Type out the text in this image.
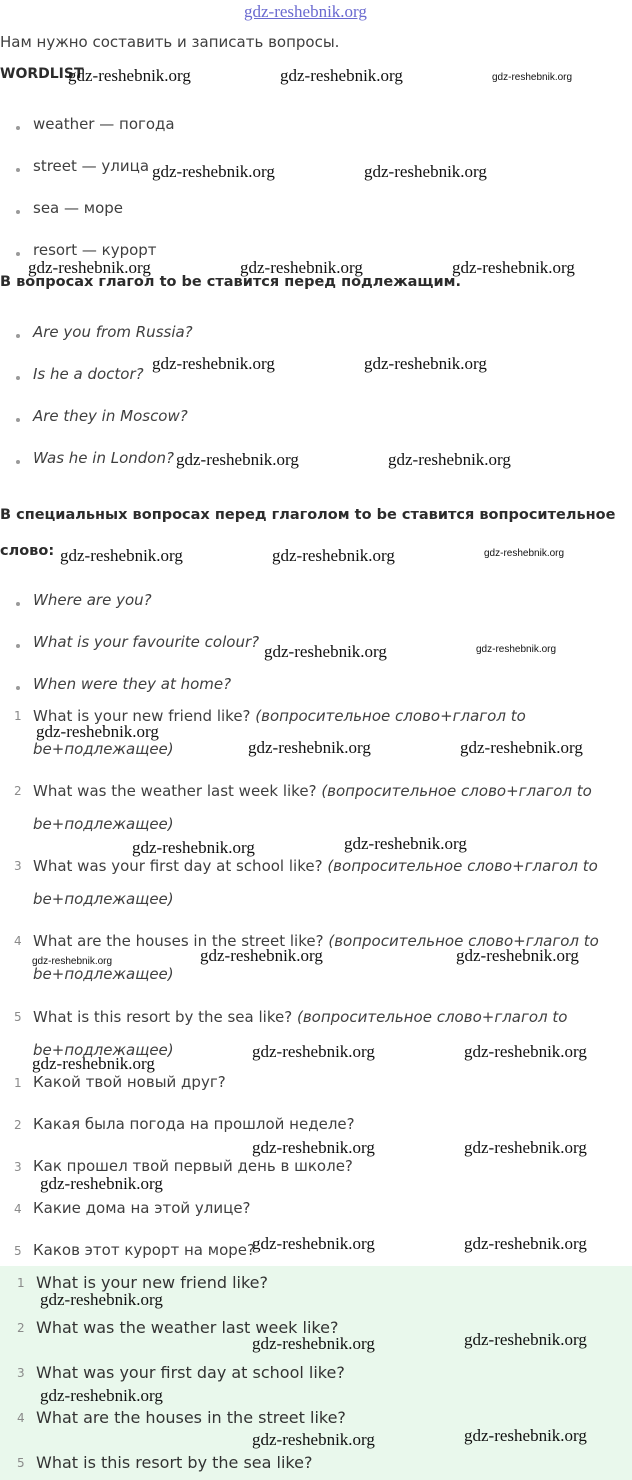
gdz-reshebnik.org
Нам нужно составить и записать вопросы.
WORDLIST
weather — погода
street — улица
sea — море
resort — курорт
В вопросах глагол to be ставится перед подлежащим.
Are you from Russia?
Is he a doctor?
Are they in Moscow?
Was he in London?
В специальных вопросах перед глаголом to be ставится вопросительное
слово:
Where are you?
What is your favourite colour?
When were they at home?
1 What is your new friend like? (вопросительное слово+глагол to
be+подлежащее)
2 What was the weather last week like? (вопросительное слово+глагол to
be+подлежащее)
3 What was your first day at school like? (вопросительное слово+глагол to
be+подлежащее)
4 What are the houses in the street like? (вопросительное слово+глагол to
be+подлежащее)
5 What is this resort by the sea like? (вопросительное слово+глагол to
be+подлежащее)
1 Какой твой новый друг?
2 Какая была погода на прошлой неделе?
3 Как прошел твой первый день в школе?
4 Какие дома на этой улице?
5 Каков этот курорт на море?
1 What is your new friend like?
2 What was the weather last week like?
3 What was your first day at school like?
4 What are the houses in the street like?
5 What is this resort by the sea like?
gdz-reshebnik.org	gdz-reshebnik.org	gdz-reshebnik.org
gdz-reshebnik.org	gdz-reshebnik.org
gdz-reshebnik.org	gdz-reshebnik.org	gdz-reshebnik.org
gdz-reshebnik.org	gdz-reshebnik.org
gdz-reshebnik.org	gdz-reshebnik.org
gdz-reshebnik.org	gdz-reshebnik.org	gdz-reshebnik.org
gdz-reshebnik.org	gdz-reshebnik.org
gdz-reshebnik.org
gdz-reshebnik.org	gdz-reshebnik.org
gdz-reshebnik.org	gdz-reshebnik.org
gdz-reshebnik.org	gdz-reshebnik.org	gdz-reshebnik.org
gdz-reshebnik.org	gdz-reshebnik.org
gdz-reshebnik.org
gdz-reshebnik.org	gdz-reshebnik.org
gdz-reshebnik.org
gdz-reshebnik.org	gdz-reshebnik.org
gdz-reshebnik.org
gdz-reshebnik.org	gdz-reshebnik.org
gdz-reshebnik.org
gdz-reshebnik.org	gdz-reshebnik.org
